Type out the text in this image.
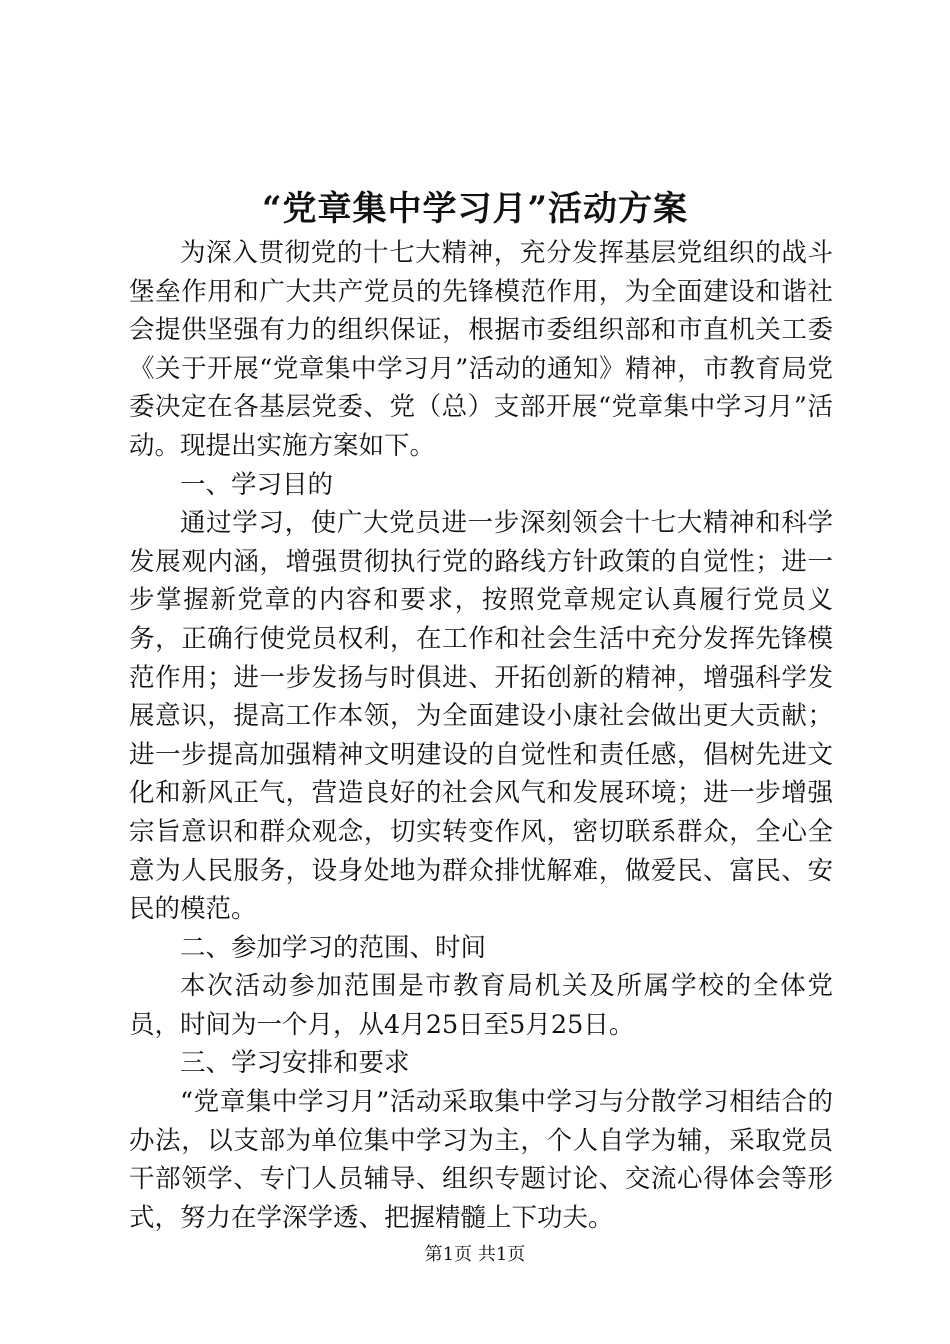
“党章集中学习月”活动方案

为深入贯彻党的十七大精神，充分发挥基层党组织的战斗堡垒作用和广大共产党员的先锋模范作用，为全面建设和谐社会提供坚强有力的组织保证，根据市委组织部和市直机关工委《关于开展“党章集中学习月”活动的通知》精神，市教育局党委决定在各基层党委、党（总）支部开展“党章集中学习月”活动。现提出实施方案如下。

一、学习目的

通过学习，使广大党员进一步深刻领会十七大精神和科学发展观内涵，增强贯彻执行党的路线方针政策的自觉性；进一步掌握新党章的内容和要求，按照党章规定认真履行党员义务，正确行使党员权利，在工作和社会生活中充分发挥先锋模范作用；进一步发扬与时俱进、开拓创新的精神，增强科学发展意识，提高工作本领，为全面建设小康社会做出更大贡献；进一步提高加强精神文明建设的自觉性和责任感，倡树先进文化和新风正气，营造良好的社会风气和发展环境；进一步增强宗旨意识和群众观念，切实转变作风，密切联系群众，全心全意为人民服务，设身处地为群众排忧解难，做爱民、富民、安民的模范。

二、参加学习的范围、时间

本次活动参加范围是市教育局机关及所属学校的全体党员，时间为一个月，从4月25日至5月25日。

三、学习安排和要求

“党章集中学习月”活动采取集中学习与分散学习相结合的办法，以支部为单位集中学习为主，个人自学为辅，采取党员干部领学、专门人员辅导、组织专题讨论、交流心得体会等形式，努力在学深学透、把握精髓上下功夫。

第1页 共1页
